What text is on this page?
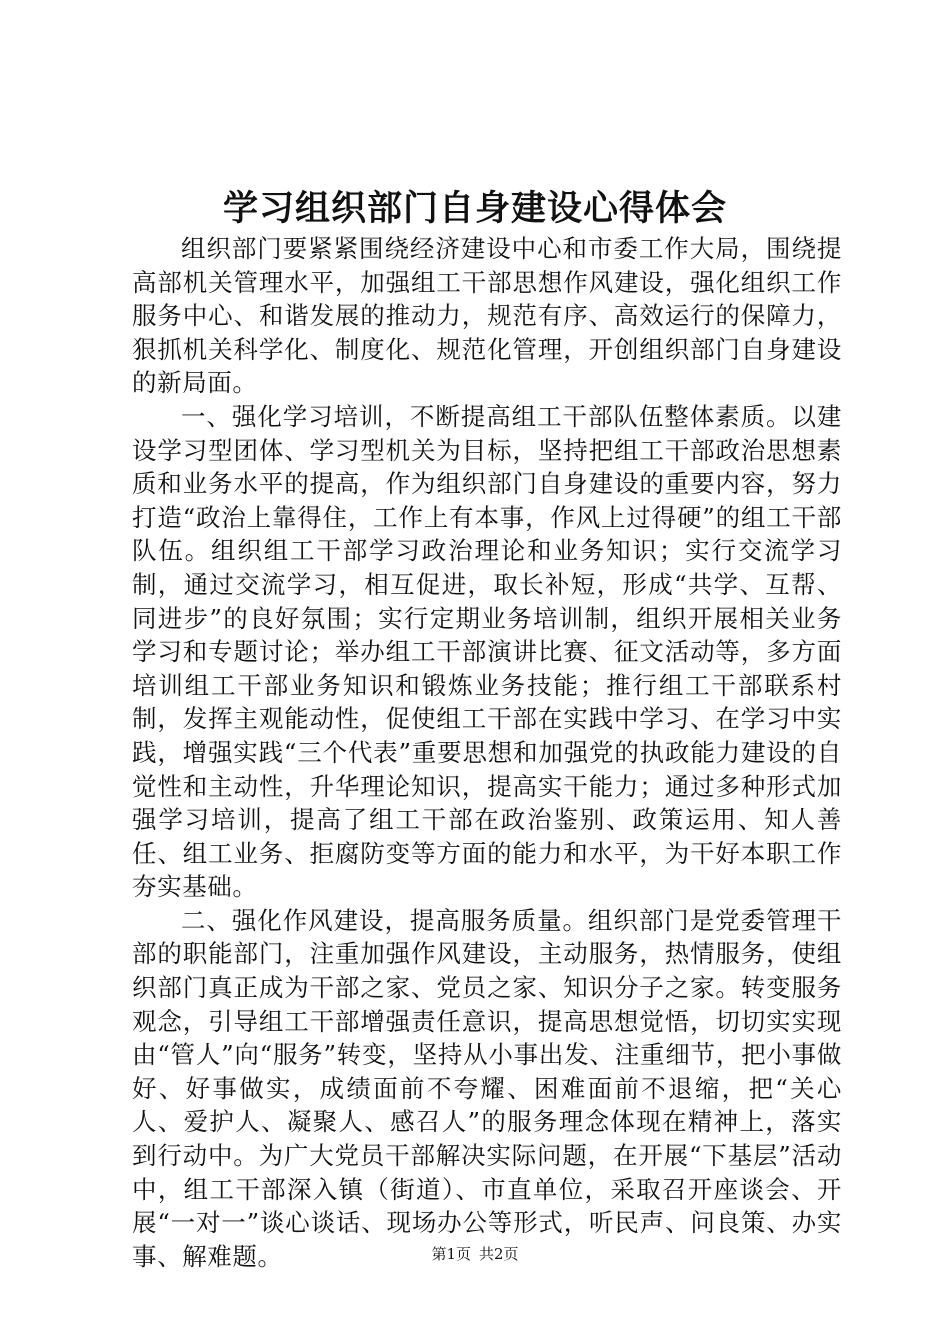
学习组织部门自身建设心得体会

组织部门要紧紧围绕经济建设中心和市委工作大局，围绕提高部机关管理水平，加强组工干部思想作风建设，强化组织工作服务中心、和谐发展的推动力，规范有序、高效运行的保障力，狠抓机关科学化、制度化、规范化管理，开创组织部门自身建设的新局面。

一、强化学习培训，不断提高组工干部队伍整体素质。以建设学习型团体、学习型机关为目标，坚持把组工干部政治思想素质和业务水平的提高，作为组织部门自身建设的重要内容，努力打造“政治上靠得住，工作上有本事，作风上过得硬”的组工干部队伍。组织组工干部学习政治理论和业务知识；实行交流学习制，通过交流学习，相互促进，取长补短，形成“共学、互帮、同进步”的良好氛围；实行定期业务培训制，组织开展相关业务学习和专题讨论；举办组工干部演讲比赛、征文活动等，多方面培训组工干部业务知识和锻炼业务技能；推行组工干部联系村制，发挥主观能动性，促使组工干部在实践中学习、在学习中实践，增强实践“三个代表”重要思想和加强党的执政能力建设的自觉性和主动性，升华理论知识，提高实干能力；通过多种形式加强学习培训，提高了组工干部在政治鉴别、政策运用、知人善任、组工业务、拒腐防变等方面的能力和水平，为干好本职工作夯实基础。

二、强化作风建设，提高服务质量。组织部门是党委管理干部的职能部门，注重加强作风建设，主动服务，热情服务，使组织部门真正成为干部之家、党员之家、知识分子之家。转变服务观念，引导组工干部增强责任意识，提高思想觉悟，切切实实现由“管人”向“服务”转变，坚持从小事出发、注重细节，把小事做好、好事做实，成绩面前不夸耀、困难面前不退缩，把“关心人、爱护人、凝聚人、感召人”的服务理念体现在精神上，落实到行动中。为广大党员干部解决实际问题，在开展“下基层”活动中，组工干部深入镇（街道）、市直单位，采取召开座谈会、开展“一对一”谈心谈话、现场办公等形式，听民声、问良策、办实事、解难题。	第1页 共2页
